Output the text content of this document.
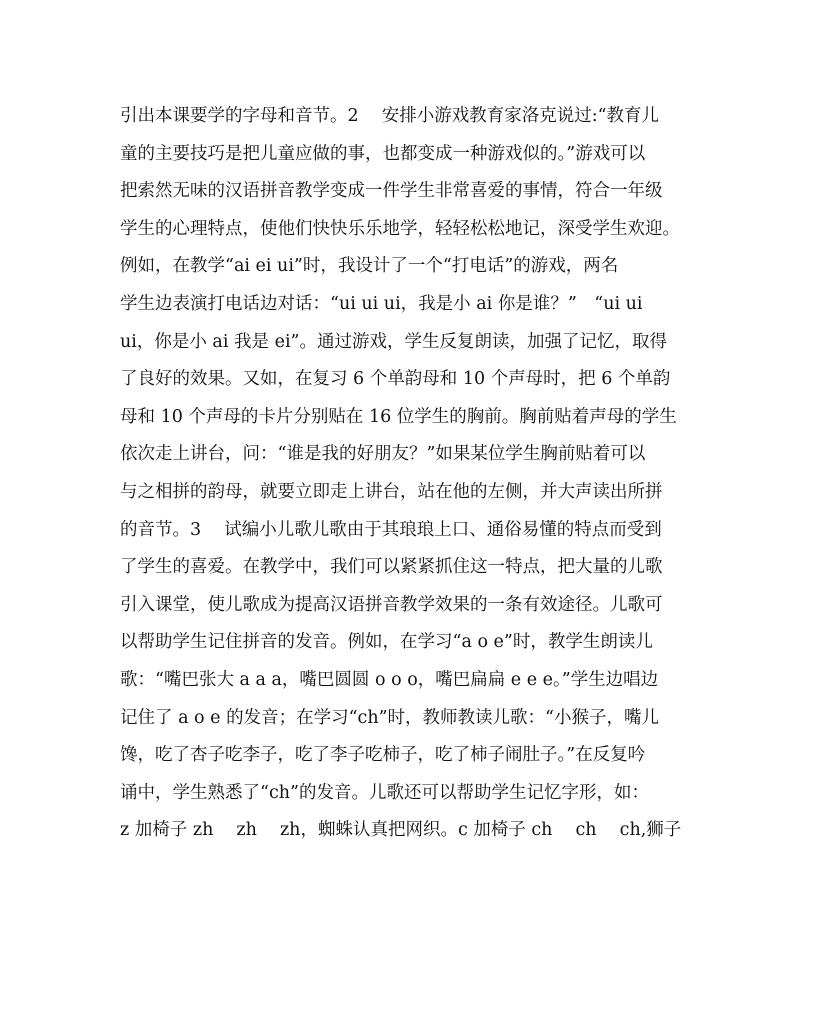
引出本课要学的字母和音节。2　 安排小游戏教育家洛克说过:“教育儿
童的主要技巧是把儿童应做的事，也都变成一种游戏似的。”游戏可以
把索然无味的汉语拼音教学变成一件学生非常喜爱的事情，符合一年级
学生的心理特点，使他们快快乐乐地学，轻轻松松地记，深受学生欢迎。
例如，在教学“ai ei ui”时，我设计了一个“打电话”的游戏，两名
学生边表演打电话边对话：“ui ui ui，我是小 ai 你是谁？”　“ui ui
ui，你是小 ai 我是 ei”。通过游戏，学生反复朗读，加强了记忆，取得
了良好的效果。又如，在复习 6 个单韵母和 10 个声母时，把 6 个单韵
母和 10 个声母的卡片分别贴在 16 位学生的胸前。胸前贴着声母的学生
依次走上讲台，问：“谁是我的好朋友？”如果某位学生胸前贴着可以
与之相拼的韵母，就要立即走上讲台，站在他的左侧，并大声读出所拼
的音节。3　 试编小儿歌儿歌由于其琅琅上口、通俗易懂的特点而受到
了学生的喜爱。在教学中，我们可以紧紧抓住这一特点，把大量的儿歌
引入课堂，使儿歌成为提高汉语拼音教学效果的一条有效途径。儿歌可
以帮助学生记住拼音的发音。例如，在学习“a o e”时，教学生朗读儿
歌：“嘴巴张大 a a a，嘴巴圆圆 o o o，嘴巴扁扁 e e e。”学生边唱边
记住了 a o e 的发音；在学习“ch”时，教师教读儿歌：“小猴子，嘴儿
馋，吃了杏子吃李子，吃了李子吃柿子，吃了柿子闹肚子。”在反复吟
诵中，学生熟悉了“ch”的发音。儿歌还可以帮助学生记忆字形，如：
z 加椅子 zh　 zh　 zh，蜘蛛认真把网织。c 加椅子 ch　 ch　 ch,狮子
